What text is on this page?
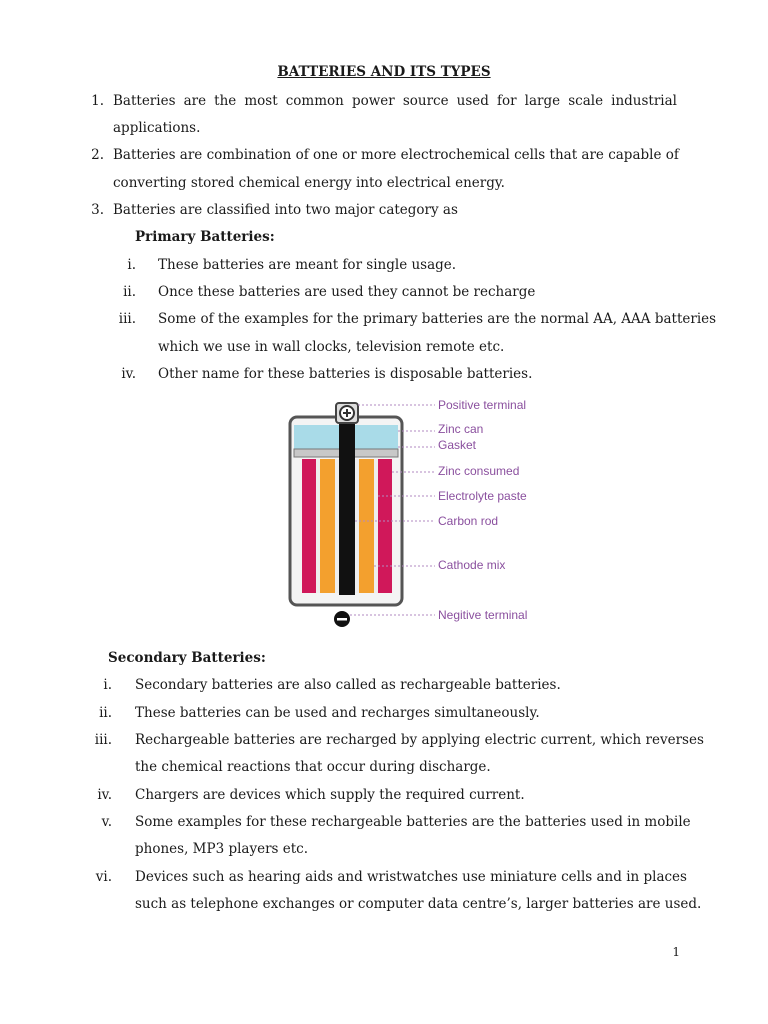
BATTERIES AND ITS TYPES
1. Batteries are the most common power source used for large scale industrial
applications.
2. Batteries are combination of one or more electrochemical cells that are capable of
converting stored chemical energy into electrical energy.
3. Batteries are classified into two major category as
Primary Batteries:
i. These batteries are meant for single usage.
ii. Once these batteries are used they cannot be recharge
iii. Some of the examples for the primary batteries are the normal AA, AAA batteries
which we use in wall clocks, television remote etc.
iv. Other name for these batteries is disposable batteries.
Positive terminal
Zinc can
Gasket
Zinc consumed
Electrolyte paste
Carbon rod
Cathode mix
Negitive terminal
Secondary Batteries:
i. Secondary batteries are also called as rechargeable batteries.
ii. These batteries can be used and recharges simultaneously.
iii. Rechargeable batteries are recharged by applying electric current, which reverses
the chemical reactions that occur during discharge.
iv. Chargers are devices which supply the required current.
v. Some examples for these rechargeable batteries are the batteries used in mobile
phones, MP3 players etc.
vi. Devices such as hearing aids and wristwatches use miniature cells and in places
such as telephone exchanges or computer data centre’s, larger batteries are used.
1
